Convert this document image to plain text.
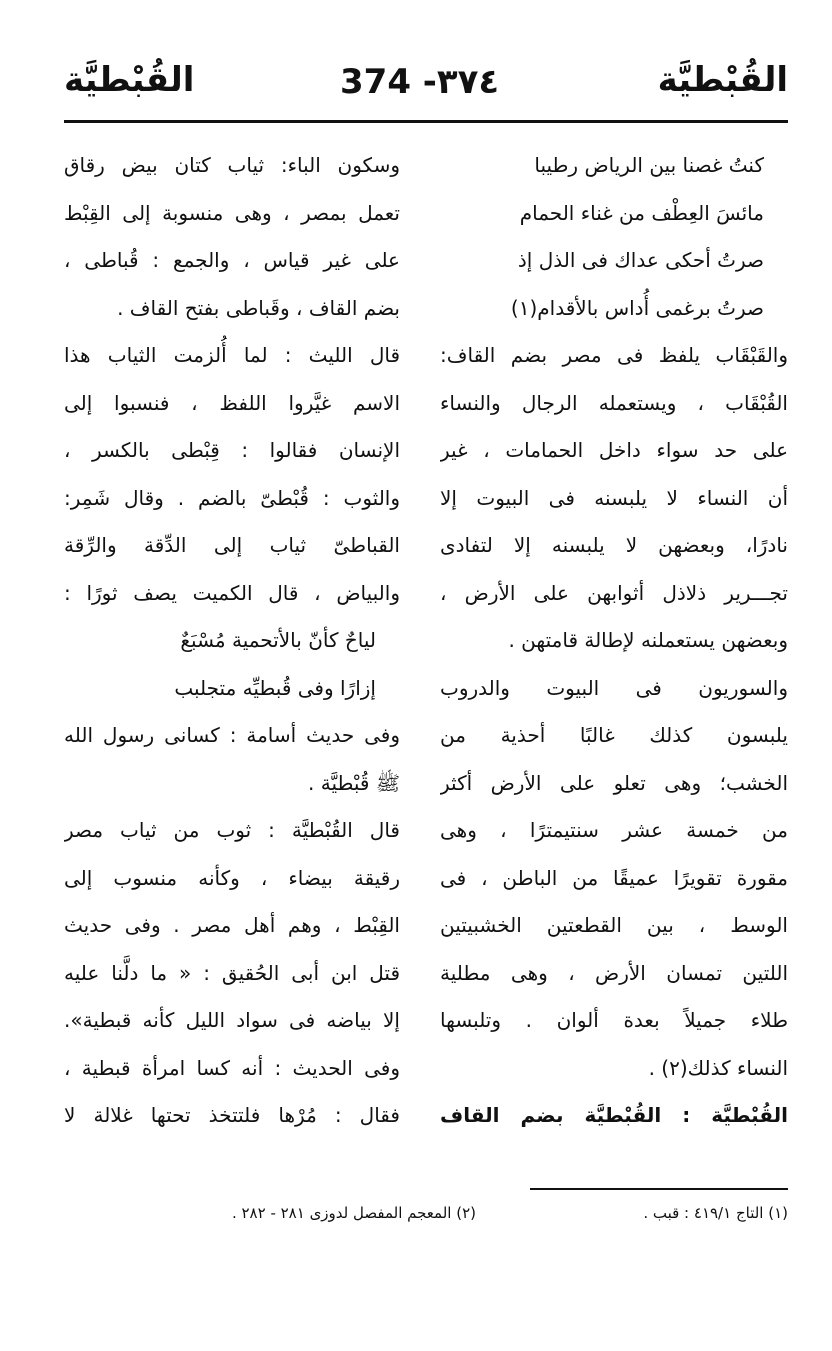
القُبْطيَّة
374 -٣٧٤
القُبْطيَّة
كنتُ غصنا بين الرياض رطيبا
مائسَ العِطْف من غناء الحمام
صرتُ أحكى عداك فى الذل إذ
صرتُ برغمى أُداس بالأقدام(١)
والقَبْقَاب يلفظ فى مصر بضم القاف:
القُبْقَاب ، ويستعمله الرجال والنساء
على حد سواء داخل الحمامات ، غير
أن النساء لا يلبسنه فى البيوت إلا
نادرًا، وبعضهن لا يلبسنه إلا لتفادى
تجـــرير ذلاذل أثوابهن على الأرض ،
وبعضهن يستعملنه لإطالة قامتهن .
والسوريون فى البيوت والدروب
يلبسون كذلك غالبًا أحذية من
الخشب؛ وهى تعلو على الأرض أكثر
من خمسة عشر سنتيمترًا ، وهى
مقورة تقويرًا عميقًا من الباطن ، فى
الوسط ، بين القطعتين الخشبيتين
اللتين تمسان الأرض ، وهى مطلية
طلاء جميلاً بعدة ألوان . وتلبسها
النساء كذلك(٢) .
القُبْطيَّة : القُبْطيَّة بضم القاف
وسكون الباء: ثياب كتان بيض رقاق
تعمل بمصر ، وهى منسوبة إلى القِبْط
على غير قياس ، والجمع : قُباطى ،
بضم القاف ، وقَباطى بفتح القاف .
قال الليث : لما أُلزمت الثياب هذا
الاسم غيَّروا اللفظ ، فنسبوا إلى
الإنسان فقالوا : قِبْطى بالكسر ،
والثوب : قُبْطىّ بالضم . وقال شَمِر:
القباطىّ ثياب إلى الدِّقة والرِّقة
والبياض ، قال الكميت يصف ثورًا :
لياحٌ كأنّ بالأتحمية مُسْبَعٌ
إزارًا وفى قُبطيِّه متجلبب
وفى حديث أسامة : كسانى رسول الله
ﷺ قُبْطيَّة .
قال القُبْطيَّة : ثوب من ثياب مصر
رقيقة بيضاء ، وكأنه منسوب إلى
القِبْط ، وهم أهل مصر . وفى حديث
قتل ابن أبى الحُقيق : « ما دلَّنا عليه
إلا بياضه فى سواد الليل كأنه قبطية».
وفى الحديث : أنه كسا امرأة قبطية ،
فقال : مُرْها فلتتخذ تحتها غلالة لا
(١) التاج ٤١٩/١ : قبب .
(٢) المعجم المفصل لدوزى ٢٨١ - ٢٨٢ .
